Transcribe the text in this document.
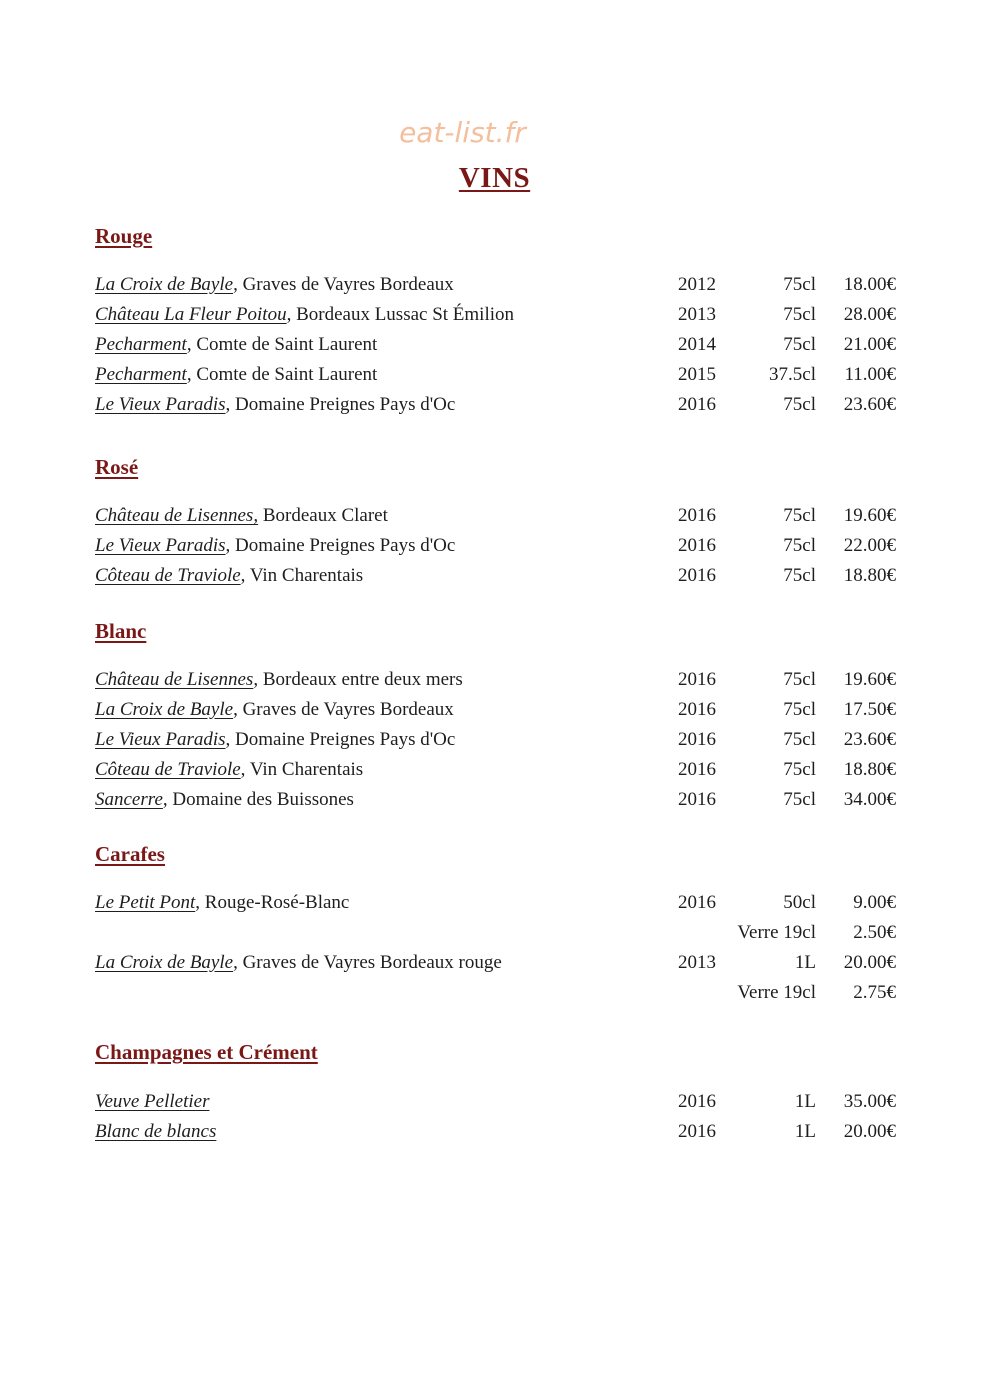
eat-list.fr
VINS
Rouge
La Croix de Bayle, Graves de Vayres Bordeaux	2012	75cl	18.00€
Château La Fleur Poitou, Bordeaux Lussac St Émilion	2013	75cl	28.00€
Pecharment, Comte de Saint Laurent	2014	75cl	21.00€
Pecharment, Comte de Saint Laurent	2015	37.5cl	11.00€
Le Vieux Paradis, Domaine Preignes Pays d'Oc	2016	75cl	23.60€
Rosé
Château de Lisennes, Bordeaux Claret	2016	75cl	19.60€
Le Vieux Paradis, Domaine Preignes Pays d'Oc	2016	75cl	22.00€
Côteau de Traviole, Vin Charentais	2016	75cl	18.80€
Blanc
Château de Lisennes, Bordeaux entre deux mers	2016	75cl	19.60€
La Croix de Bayle, Graves de Vayres Bordeaux	2016	75cl	17.50€
Le Vieux Paradis, Domaine Preignes Pays d'Oc	2016	75cl	23.60€
Côteau de Traviole, Vin Charentais	2016	75cl	18.80€
Sancerre, Domaine des Buissones	2016	75cl	34.00€
Carafes
Le Petit Pont, Rouge-Rosé-Blanc	2016	50cl	9.00€
Verre 19cl	2.50€
La Croix de Bayle, Graves de Vayres Bordeaux rouge	2013	1L	20.00€
Verre 19cl	2.75€
Champagnes et Crément
Veuve Pelletier	2016	1L	35.00€
Blanc de blancs	2016	1L	20.00€
